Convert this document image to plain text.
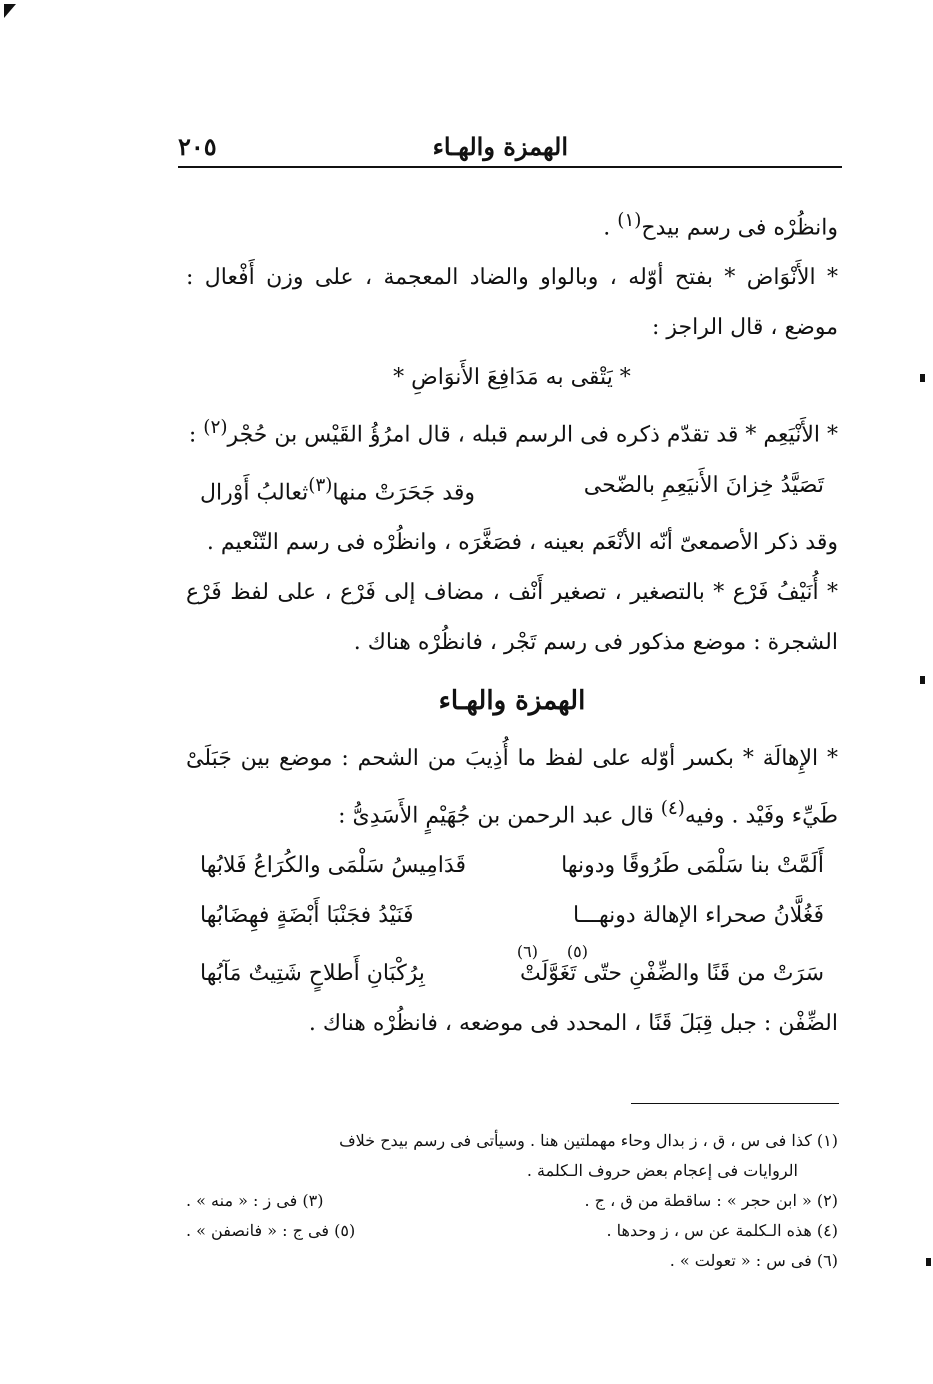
الهمزة والهـاء
٢٠٥

وانظُرْه فى رسم بيدح$^{(١)}$ .

* الأَنْوَاض * بفتح أوّله ، وبالواو والضاد المعجمة ، على وزن أَفْعال : موضع ، قال الراجز :

* يَتْقى به مَدَافِعَ الأَنوَاضِ *

* الأَنْيَعِم * قد تقدّم ذكره فى الرسم قبله ، قال امرُؤُ القَيْس بن حُجْر$^{(٢)}$ :

تَصَيَّدُ خِزانَ الأَنيَعِمِ بالضّحى
وقد جَحَرَتْ منها$^{(٣)}$ثعالبُ أَوْرال

وقد ذكر الأصمعىّ أنّه الأنْعَم بعينه ، فصَغَّرَه ، وانظُرْه فى رسم التّنْعيم .

* أُنَيْفُ فَرْع * بالتصغير ، تصغير أَنْف ، مضاف إلى فَرْع ، على لفظ فَرْع الشجرة : موضع مذكور فى رسم تَجْر ، فانظُرْه هناك .

الهمزة والهـاء

* الإِهالَة * بكسر أوّله على لفظ ما أُذِيبَ من الشحم : موضع بين جَبَلَىْ طَيِّء وفَيْد . وفيه$^{(٤)}$ قال عبد الرحمن بن جُهَيْمٍ الأَسَدِىُّ :

أَلَمَّتْ بنا سَلْمَى طَرُوقًا ودونها
قَدَامِيسُ سَلْمَى والكُرَاعُ فَلابُها
فَغُلَّانُ صحراء الإهالة دونهـــا
فَنَيْدُ فجَنْبَا أَبْضَةٍ فهِضَابُها
(٥)
(٦)
سَرَتْ من قَنًا والضِّفْنِ حتّى تَغَوَّلَتْ
بِرُكْبَانِ أَطلاحٍ شَتِيتٌ مَآبُها

الضِّفْن : جبل قِبَلَ قَنًا ، المحدد فى موضعه ، فانظُرْه هناك .

(١) كذا فى س ، ق ، ز بدال وحاء مهملتين هنا . وسيأتى فى رسم بيدح خلاف

الروايات فى إعجام بعض حروف الـكلمة .

(٢) « ابن حجر » : ساقطة من ق ، ج .
(٣) فى ز : « منه » .
(٤) هذه الـكلمة عن س ، ز وحدها .
(٥) فى ج : « فانصفن » .

(٦) فى س : « تعولت » .
